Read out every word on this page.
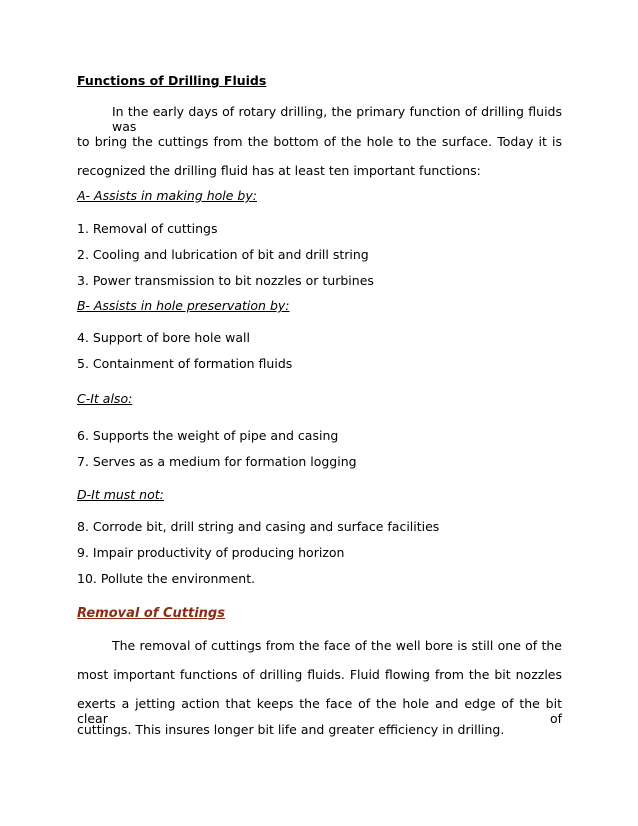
Functions of Drilling Fluids
In the early days of rotary drilling, the primary function of drilling fluids was
to bring the cuttings from the bottom of the hole to the surface. Today it is
recognized the drilling fluid has at least ten important functions:
A- Assists in making hole by:
1. Removal of cuttings
2. Cooling and lubrication of bit and drill string
3. Power transmission to bit nozzles or turbines
B- Assists in hole preservation by:
4. Support of bore hole wall
5. Containment of formation fluids
C-It also:
6. Supports the weight of pipe and casing
7. Serves as a medium for formation logging
D-It must not:
8. Corrode bit, drill string and casing and surface facilities
9. Impair productivity of producing horizon
10. Pollute the environment.
Removal of Cuttings
The removal of cuttings from the face of the well bore is still one of the
most important functions of drilling fluids. Fluid flowing from the bit nozzles
exerts a jetting action that keeps the face of the hole and edge of the bit clear of
cuttings. This insures longer bit life and greater efficiency in drilling.
